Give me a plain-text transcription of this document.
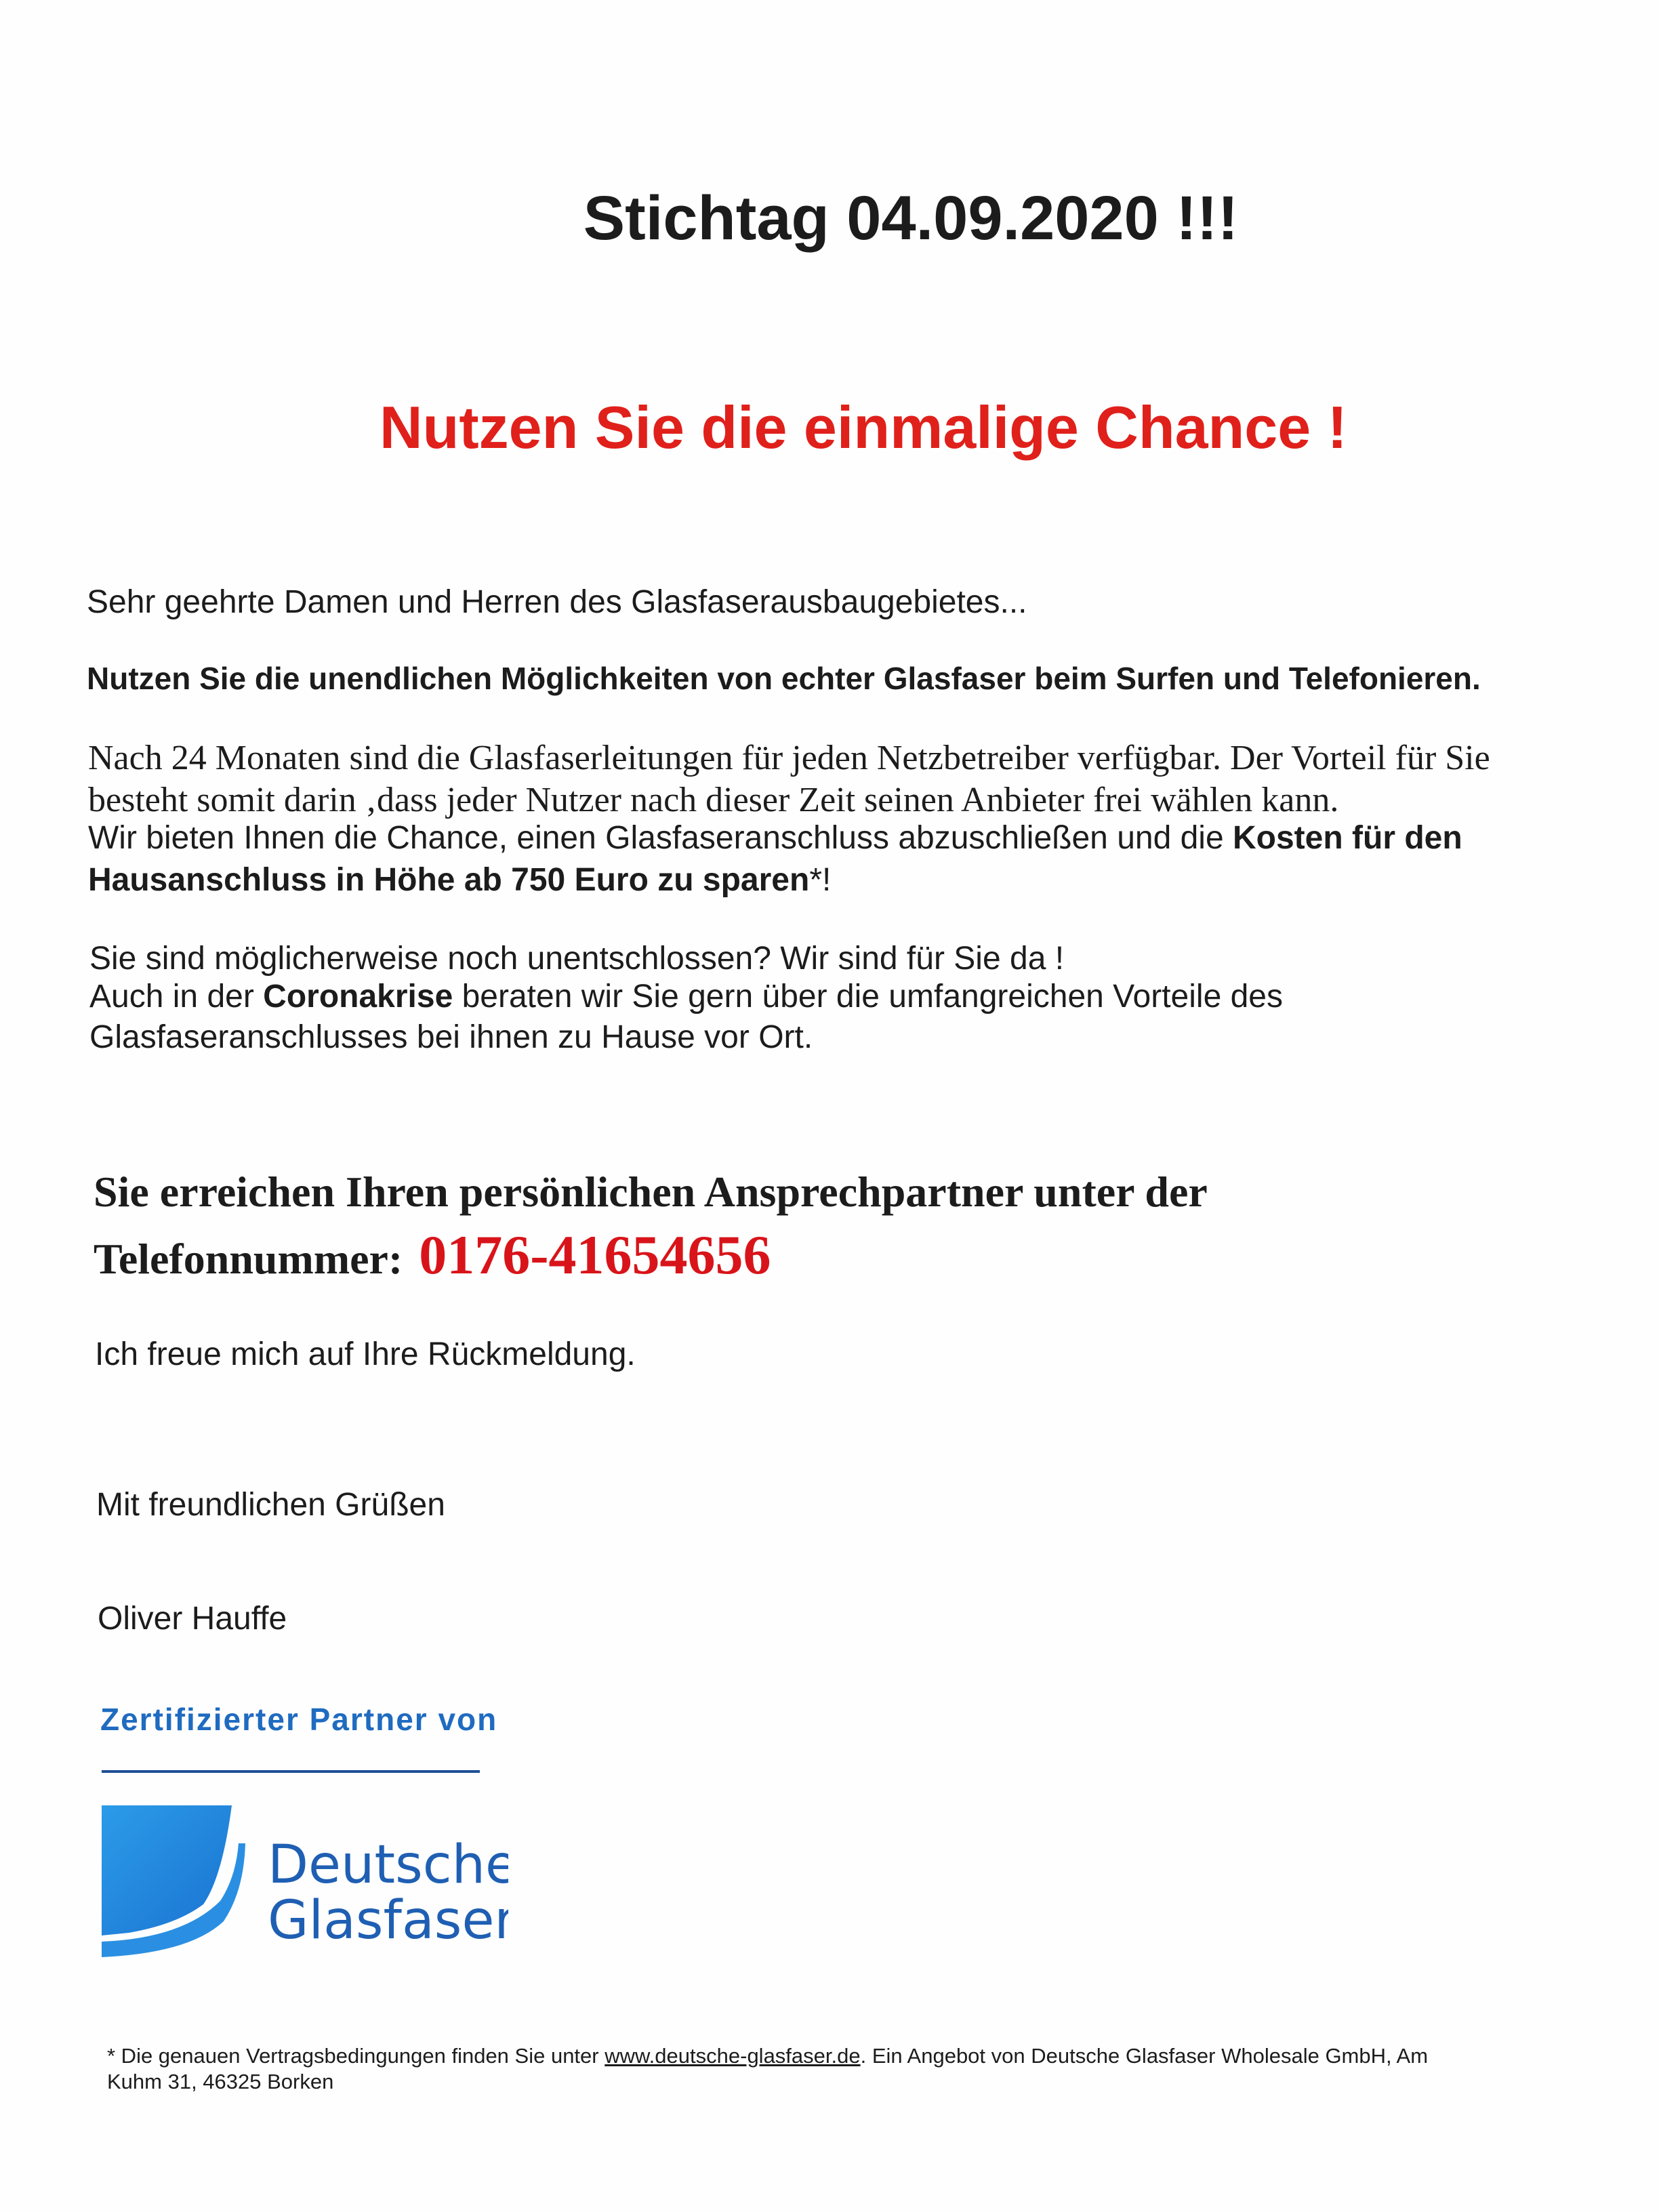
Stichtag 04.09.2020 !!!
Nutzen Sie die einmalige Chance !
Sehr geehrte Damen und Herren des Glasfaserausbaugebietes...
Nutzen Sie die unendlichen Möglichkeiten von echter Glasfaser beim Surfen und Telefonieren.
Nach 24 Monaten sind die Glasfaserleitungen für jeden Netzbetreiber verfügbar. Der Vorteil für Sie
besteht somit darin ‚dass jeder Nutzer nach dieser Zeit seinen Anbieter frei wählen kann.
Wir bieten Ihnen die Chance, einen Glasfaseranschluss abzuschließen und die Kosten für den
Hausanschluss in Höhe ab 750 Euro zu sparen*!
Sie sind möglicherweise noch unentschlossen? Wir sind für Sie da !
Auch in der Coronakrise beraten wir Sie gern über die umfangreichen Vorteile des
Glasfaseranschlusses bei ihnen zu Hause vor Ort.
Sie erreichen Ihren persönlichen Ansprechpartner unter der
Telefonnummer: 0176-41654656
Ich freue mich auf Ihre Rückmeldung.
Mit freundlichen Grüßen
Oliver Hauffe
Zertifizierter Partner von
Deutsche
Glasfaser
* Die genauen Vertragsbedingungen finden Sie unter www.deutsche-glasfaser.de. Ein Angebot von Deutsche Glasfaser Wholesale GmbH, Am
Kuhm 31, 46325 Borken
